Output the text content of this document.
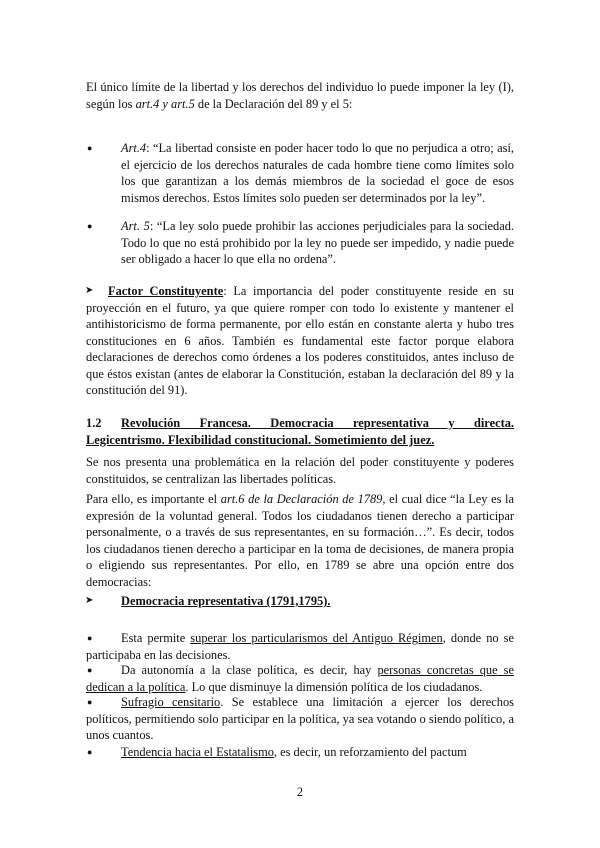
El único límite de la libertad y los derechos del individuo lo puede imponer la ley (I), según los art.4 y art.5 de la Declaración del 89 y el 5:

● Art.4: “La libertad consiste en poder hacer todo lo que no perjudica a otro; así, el ejercicio de los derechos naturales de cada hombre tiene como límites solo los que garantizan a los demás miembros de la sociedad el goce de esos mismos derechos. Estos límites solo pueden ser determinados por la ley”.

● Art. 5: “La ley solo puede prohibir las acciones perjudiciales para la sociedad. Todo lo que no está prohibido por la ley no puede ser impedido, y nadie puede ser obligado a hacer lo que ella no ordena”.

➤	Factor Constituyente: La importancia del poder constituyente reside en su proyección en el futuro, ya que quiere romper con todo lo existente y mantener el antihistoricismo de forma permanente, por ello están en constante alerta y hubo tres constituciones en 6 años. También es fundamental este factor porque elabora declaraciones de derechos como órdenes a los poderes constituidos, antes incluso de que éstos existan (antes de elaborar la Constitución, estaban la declaración del 89 y la constitución del 91).

1.2	Revolución Francesa. Democracia representativa y directa. Legicentrismo. Flexibilidad constitucional. Sometimiento del juez.

Se nos presenta una problemática en la relación del poder constituyente y poderes constituidos, se centralizan las libertades políticas.

Para ello, es importante el art.6 de la Declaración de 1789, el cual dice “la Ley es la expresión de la voluntad general. Todos los ciudadanos tienen derecho a participar personalmente, o a través de sus representantes, en su formación…”. Es decir, todos los ciudadanos tienen derecho a participar en la toma de decisiones, de manera propia o eligiendo sus representantes. Por ello, en 1789 se abre una opción entre dos democracias:

➤ Democracia representativa (1791,1795).

●	Esta permite superar los particularismos del Antiguo Régimen, donde no se participaba en las decisiones.

●	Da autonomía a la clase política, es decir, hay personas concretas que se dedican a la política. Lo que disminuye la dimensión política de los ciudadanos.

●	Sufragio censitario. Se establece una limitación a ejercer los derechos políticos, permitiendo solo participar en la política, ya sea votando o siendo político, a unos cuantos.

●	Tendencia hacia el Estatalismo, es decir, un reforzamiento del pactum

2
